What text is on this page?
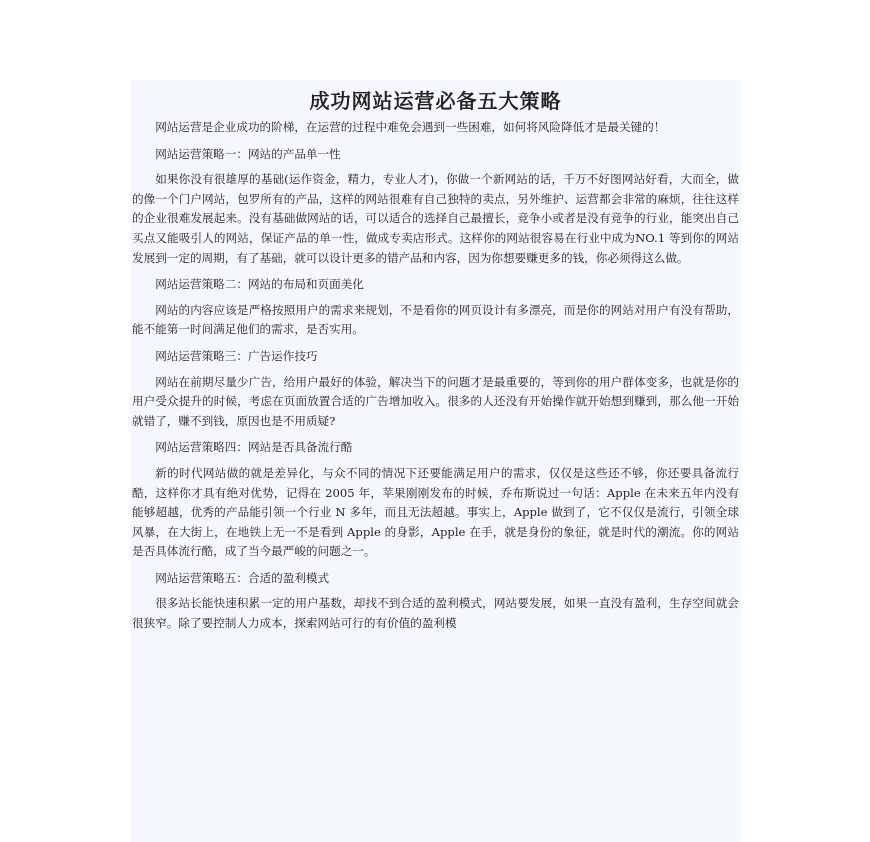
成功网站运营必备五大策略

网站运营是企业成功的阶梯，在运营的过程中难免会遇到一些困难，如何将风险降低才是最关键的！

网站运营策略一：网站的产品单一性

如果你没有很雄厚的基础(运作资金，精力，专业人才)，你做一个新网站的话，千万不好图网站好看，大而全，做的像一个门户网站，包罗所有的产品，这样的网站很难有自己独特的卖点，另外维护、运营都会非常的麻烦，往往这样的企业很难发展起来。没有基础做网站的话，可以适合的选择自己最擅长，竞争小或者是没有竞争的行业，能突出自己买点又能吸引人的网站，保证产品的单一性，做成专卖店形式。这样你的网站很容易在行业中成为NO.1 等到你的网站发展到一定的周期，有了基础，就可以设计更多的错产品和内容，因为你想要赚更多的钱，你必须得这么做。

网站运营策略二：网站的布局和页面美化

网站的内容应该是严格按照用户的需求来规划，不是看你的网页设计有多漂亮，而是你的网站对用户有没有帮助，能不能第一时间满足他们的需求，是否实用。

网站运营策略三：广告运作技巧

网站在前期尽量少广告，给用户最好的体验，解决当下的问题才是最重要的，等到你的用户群体变多，也就是你的用户受众提升的时候，考虑在页面放置合适的广告增加收入。很多的人还没有开始操作就开始想到赚到，那么他一开始就错了，赚不到钱，原因也是不用质疑?

网站运营策略四：网站是否具备流行酷

新的时代网站做的就是差异化，与众不同的情况下还要能满足用户的需求，仅仅是这些还不够，你还要具备流行酷，这样你才具有绝对优势，记得在 2005 年，苹果刚刚发布的时候，乔布斯说过一句话：Apple 在未来五年内没有能够超越，优秀的产品能引领一个行业 N 多年，而且无法超越。事实上，Apple 做到了，它不仅仅是流行，引领全球风暴，在大街上，在地铁上无一不是看到 Apple 的身影，Apple 在手，就是身份的象征，就是时代的潮流。你的网站是否具体流行酷，成了当今最严峻的问题之一。

网站运营策略五：合适的盈利模式

很多站长能快速积累一定的用户基数，却找不到合适的盈利模式，网站要发展，如果一直没有盈利，生存空间就会很狭窄。除了要控制人力成本，探索网站可行的有价值的盈利模
